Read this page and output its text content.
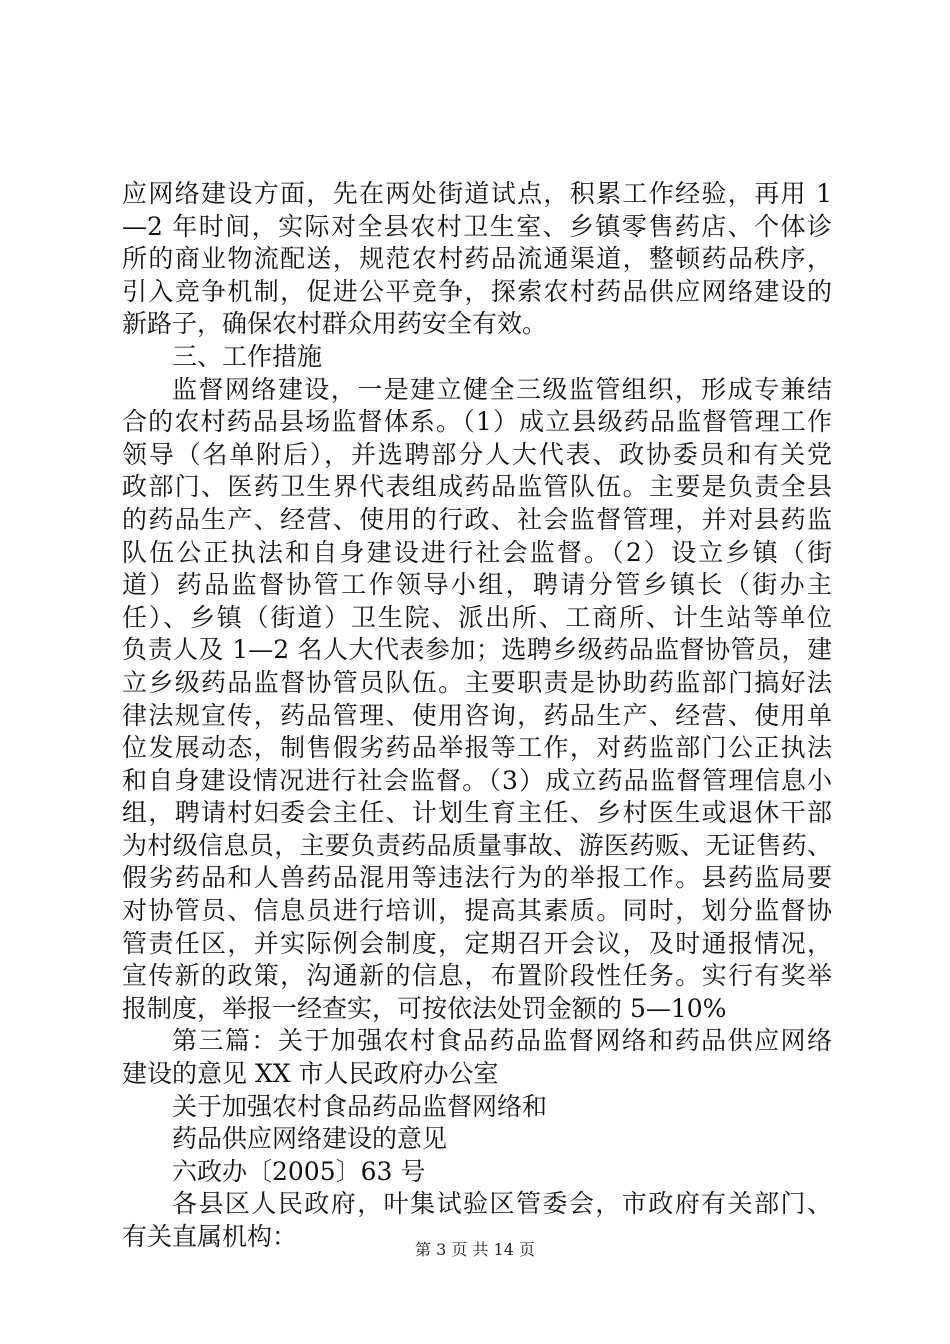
应网络建设方面，先在两处街道试点，积累工作经验，再用 1
—2 年时间，实际对全县农村卫生室、乡镇零售药店、个体诊
所的商业物流配送，规范农村药品流通渠道，整顿药品秩序，
引入竞争机制，促进公平竞争，探索农村药品供应网络建设的
新路子，确保农村群众用药安全有效。
三、工作措施
监督网络建设，一是建立健全三级监管组织，形成专兼结
合的农村药品县场监督体系。（1）成立县级药品监督管理工作
领导（名单附后），并选聘部分人大代表、政协委员和有关党
政部门、医药卫生界代表组成药品监管队伍。主要是负责全县
的药品生产、经营、使用的行政、社会监督管理，并对县药监
队伍公正执法和自身建设进行社会监督。（2）设立乡镇（街
道）药品监督协管工作领导小组，聘请分管乡镇长（街办主
任）、乡镇（街道）卫生院、派出所、工商所、计生站等单位
负责人及 1—2 名人大代表参加；选聘乡级药品监督协管员，建
立乡级药品监督协管员队伍。主要职责是协助药监部门搞好法
律法规宣传，药品管理、使用咨询，药品生产、经营、使用单
位发展动态，制售假劣药品举报等工作，对药监部门公正执法
和自身建设情况进行社会监督。（3）成立药品监督管理信息小
组，聘请村妇委会主任、计划生育主任、乡村医生或退休干部
为村级信息员，主要负责药品质量事故、游医药贩、无证售药、
假劣药品和人兽药品混用等违法行为的举报工作。县药监局要
对协管员、信息员进行培训，提高其素质。同时，划分监督协
管责任区，并实际例会制度，定期召开会议，及时通报情况，
宣传新的政策，沟通新的信息，布置阶段性任务。实行有奖举
报制度，举报一经查实，可按依法处罚金额的 5—10%
第三篇：关于加强农村食品药品监督网络和药品供应网络
建设的意见 XX 市人民政府办公室
关于加强农村食品药品监督网络和
药品供应网络建设的意见
六政办〔2005〕63 号
各县区人民政府，叶集试验区管委会，市政府有关部门、
有关直属机构：	第 3 页 共 14 页
